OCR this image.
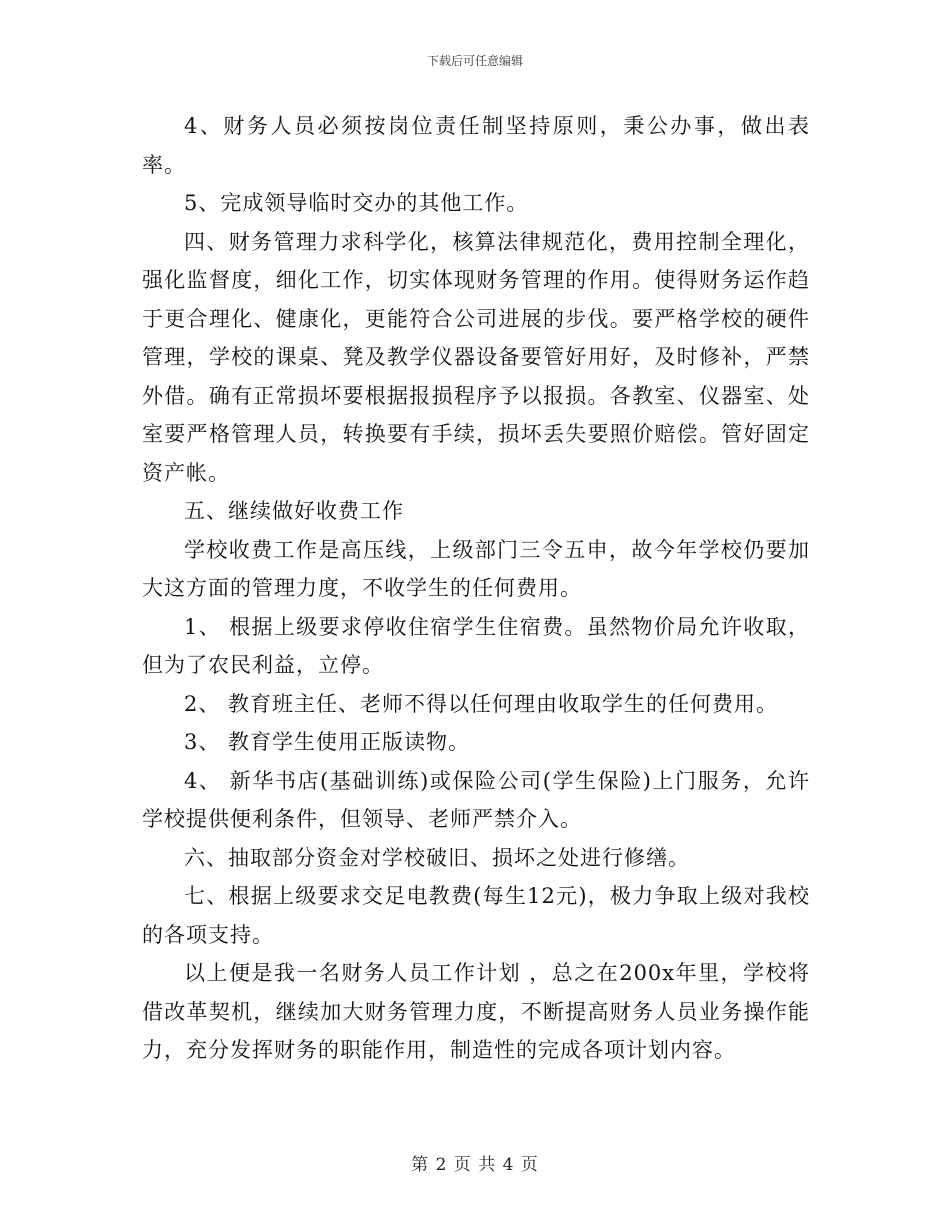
下载后可任意编辑

4、财务人员必须按岗位责任制坚持原则，秉公办事，做出表率。

5、完成领导临时交办的其他工作。

四、财务管理力求科学化，核算法律规范化，费用控制全理化，强化监督度，细化工作，切实体现财务管理的作用。使得财务运作趋于更合理化、健康化，更能符合公司进展的步伐。要严格学校的硬件管理，学校的课桌、凳及教学仪器设备要管好用好，及时修补，严禁外借。确有正常损坏要根据报损程序予以报损。各教室、仪器室、处室要严格管理人员，转换要有手续，损坏丢失要照价赔偿。管好固定资产帐。

五、继续做好收费工作

学校收费工作是高压线，上级部门三令五申，故今年学校仍要加大这方面的管理力度，不收学生的任何费用。

1、 根据上级要求停收住宿学生住宿费。虽然物价局允许收取，但为了农民利益，立停。

2、 教育班主任、老师不得以任何理由收取学生的任何费用。

3、 教育学生使用正版读物。

4、 新华书店(基础训练)或保险公司(学生保险)上门服务，允许学校提供便利条件，但领导、老师严禁介入。

六、抽取部分资金对学校破旧、损坏之处进行修缮。

七、根据上级要求交足电教费(每生12元)，极力争取上级对我校的各项支持。

以上便是我一名财务人员工作计划 ，总之在200x年里，学校将借改革契机，继续加大财务管理力度，不断提高财务人员业务操作能力，充分发挥财务的职能作用，制造性的完成各项计划内容。

第 2 页 共 4 页
